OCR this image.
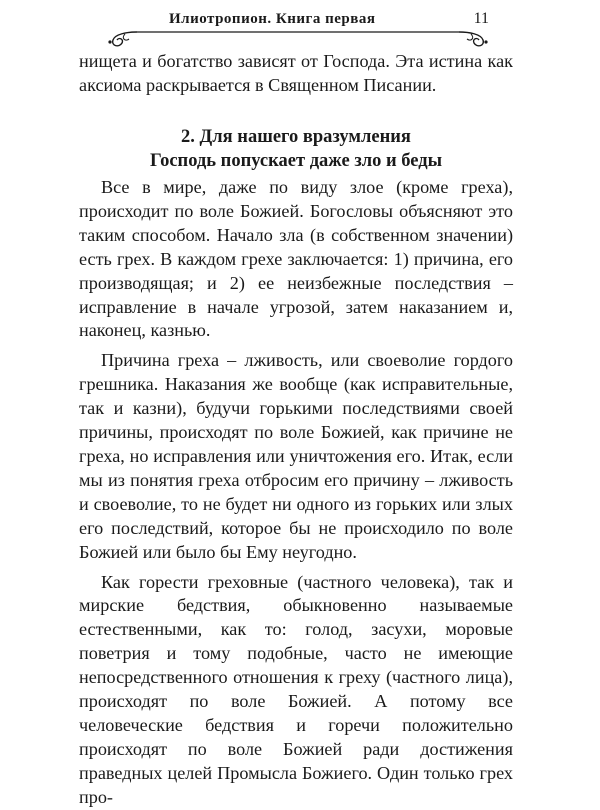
Илиотропион. Книга первая	11

нищета и богатство зависят от Господа. Эта истина как аксиома раскрывается в Священном Писании.

2. Для нашего вразумления
Господь попускает даже зло и беды

Все в мире, даже по виду злое (кроме греха), происходит по воле Божией. Богословы объясняют это таким способом. Начало зла (в собственном значении) есть грех. В каждом грехе заключается: 1) причина, его производящая; и 2) ее неизбежные последствия – исправление в начале угрозой, затем наказанием и, наконец, казнью.

Причина греха – лживость, или своеволие гордого грешника. Наказания же вообще (как исправительные, так и казни), будучи горькими последствиями своей причины, происходят по воле Божией, как причине не греха, но исправления или уничтожения его. Итак, если мы из понятия греха отбросим его причину – лживость и своеволие, то не будет ни одного из горьких или злых его последствий, которое бы не происходило по воле Божией или было бы Ему неугодно.

Как горести греховные (частного человека), так и мирские бедствия, обыкновенно называемые естественными, как то: голод, засухи, моровые поветрия и тому подобные, часто не имеющие непосредственного отношения к греху (частного лица), происходят по воле Божией. А потому все человеческие бедствия и горечи положительно происходят по воле Божией ради достижения праведных целей Промысла Божиего. Один только грех про-
